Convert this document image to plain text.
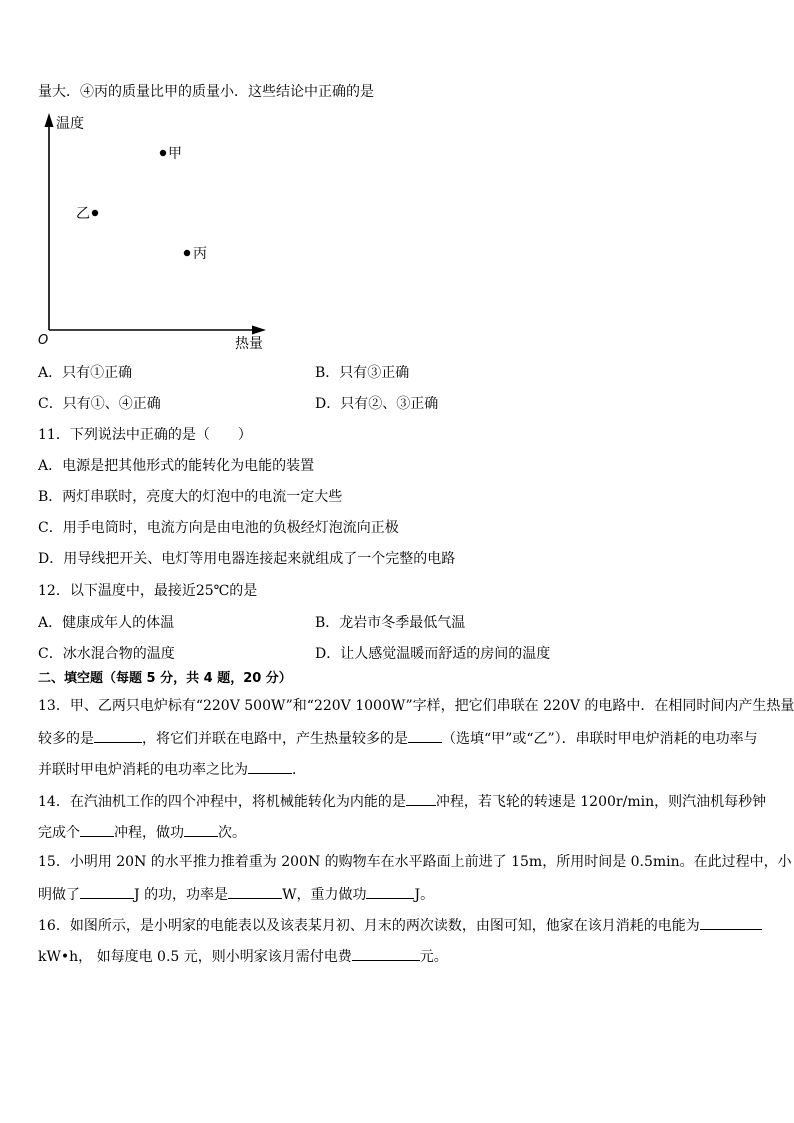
量大．④丙的质量比甲的质量小．这些结论中正确的是
温度
热量
O
甲
乙
丙
A．只有①正确	B．只有③正确
C．只有①、④正确	D．只有②、③正确
11．下列说法中正确的是（　　）
A．电源是把其他形式的能转化为电能的装置
B．两灯串联时，亮度大的灯泡中的电流一定大些
C．用手电筒时，电流方向是由电池的负极经灯泡流向正极
D．用导线把开关、电灯等用电器连接起来就组成了一个完整的电路
12．以下温度中，最接近25℃的是
A．健康成年人的体温	B．龙岩市冬季最低气温
C．冰水混合物的温度	D．让人感觉温暖而舒适的房间的温度
二、填空题（每题 5 分，共 4 题，20 分）
13．甲、乙两只电炉标有“220V 500W”和“220V 1000W”字样，把它们串联在 220V 的电路中．在相同时间内产生热量
较多的是	，将它们并联在电路中，产生热量较多的是 （选填“甲”或“乙”）．串联时甲电炉消耗的电功率与
并联时甲电炉消耗的电功率之比为	．
14．在汽油机工作的四个冲程中，将机械能转化为内能的是 冲程，若飞轮的转速是 1200r/min，则汽油机每秒钟
完成个 冲程，做功 次。
15．小明用 20N 的水平推力推着重为 200N 的购物车在水平路面上前进了 15m，所用时间是 0.5min。在此过程中，小
明做了	J 的功，功率是	W，重力做功	J。
16．如图所示，是小明家的电能表以及该表某月初、月末的两次读数，由图可知，他家在该月消耗的电能为
kW•h， 如每度电 0.5 元，则小明家该月需付电费	元。
